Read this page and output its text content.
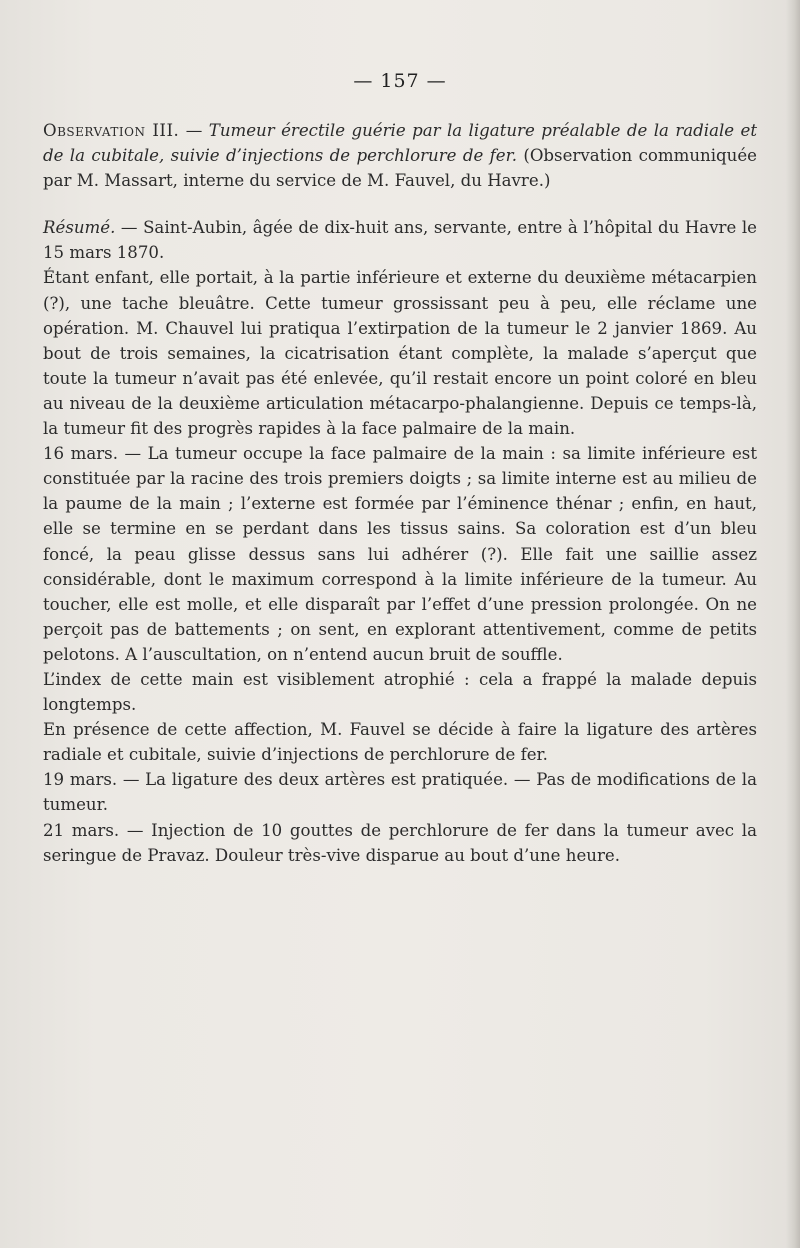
— 157 —

Observation III. — Tumeur érectile guérie par la ligature préalable de la radiale et de la cubitale, suivie d’injections de perchlorure de fer. (Observation communiquée par M. Massart, interne du service de M. Fauvel, du Havre.)

Résumé. — Saint-Aubin, âgée de dix-huit ans, servante, entre à l’hôpital du Havre le 15 mars 1870.

Étant enfant, elle portait, à la partie inférieure et externe du deuxième métacarpien (?), une tache bleuâtre. Cette tumeur grossissant peu à peu, elle réclame une opération. M. Chauvel lui pratiqua l’extirpation de la tumeur le 2 janvier 1869. Au bout de trois semaines, la cicatrisation étant complète, la malade s’aperçut que toute la tumeur n’avait pas été enlevée, qu’il restait encore un point coloré en bleu au niveau de la deuxième articulation métacarpo-phalangienne. Depuis ce temps-là, la tumeur fit des progrès rapides à la face palmaire de la main.

16 mars. — La tumeur occupe la face palmaire de la main : sa limite inférieure est constituée par la racine des trois premiers doigts ; sa limite interne est au milieu de la paume de la main ; l’externe est formée par l’éminence thénar ; enfin, en haut, elle se termine en se perdant dans les tissus sains. Sa coloration est d’un bleu foncé, la peau glisse dessus sans lui adhérer (?). Elle fait une saillie assez considérable, dont le maximum correspond à la limite inférieure de la tumeur. Au toucher, elle est molle, et elle disparaît par l’effet d’une pression prolongée. On ne perçoit pas de battements ; on sent, en explorant attentivement, comme de petits pelotons. A l’auscultation, on n’entend aucun bruit de souffle.

L’index de cette main est visiblement atrophié : cela a frappé la malade depuis longtemps.

En présence de cette affection, M. Fauvel se décide à faire la ligature des artères radiale et cubitale, suivie d’injections de perchlorure de fer.

19 mars. — La ligature des deux artères est pratiquée. — Pas de modifications de la tumeur.

21 mars. — Injection de 10 gouttes de perchlorure de fer dans la tumeur avec la seringue de Pravaz. Douleur très-vive disparue au bout d’une heure.
